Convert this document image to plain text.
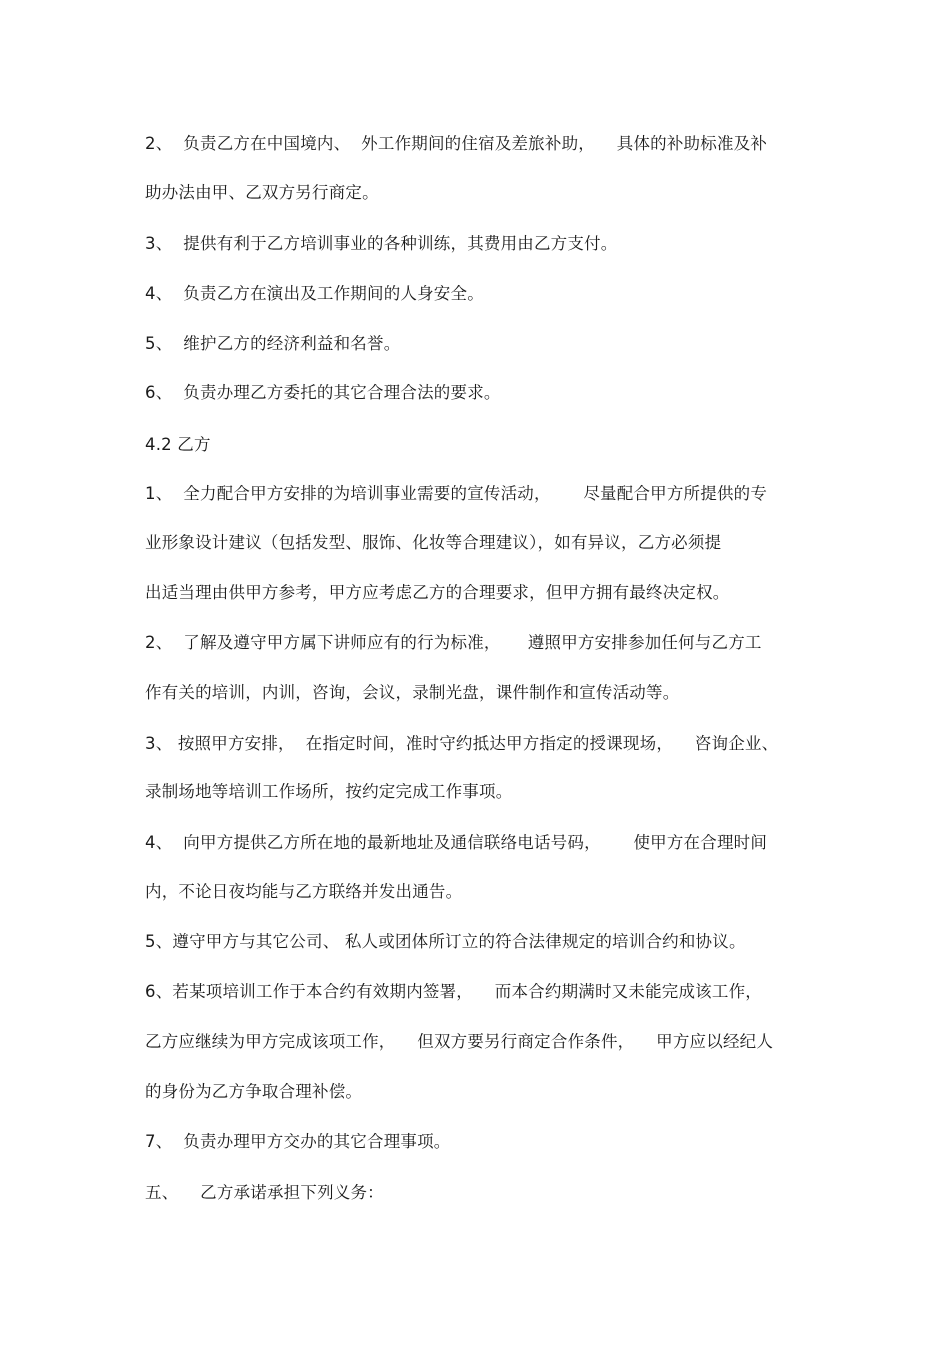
2、  负责乙方在中国境内、  外工作期间的住宿及差旅补助，    具体的补助标准及补
助办法由甲、乙双方另行商定。
3、  提供有利于乙方培训事业的各种训练，其费用由乙方支付。
4、  负责乙方在演出及工作期间的人身安全。
5、  维护乙方的经济利益和名誉。
6、  负责办理乙方委托的其它合理合法的要求。
4.2 乙方
1、  全力配合甲方安排的为培训事业需要的宣传活动，      尽量配合甲方所提供的专
业形象设计建议（包括发型、服饰、化妆等合理建议），如有异议，乙方必须提
出适当理由供甲方参考，甲方应考虑乙方的合理要求，但甲方拥有最终决定权。
2、  了解及遵守甲方属下讲师应有的行为标准，     遵照甲方安排参加任何与乙方工
作有关的培训，内训，咨询，会议，录制光盘，课件制作和宣传活动等。
3、 按照甲方安排，  在指定时间，准时守约抵达甲方指定的授课现场，    咨询企业、
录制场地等培训工作场所，按约定完成工作事项。
4、  向甲方提供乙方所在地的最新地址及通信联络电话号码，      使甲方在合理时间
内，不论日夜均能与乙方联络并发出通告。
5、遵守甲方与其它公司、 私人或团体所订立的符合法律规定的培训合约和协议。
6、若某项培训工作于本合约有效期内签署，    而本合约期满时又未能完成该工作，
乙方应继续为甲方完成该项工作，    但双方要另行商定合作条件，    甲方应以经纪人
的身份为乙方争取合理补偿。
7、  负责办理甲方交办的其它合理事项。
五、    乙方承诺承担下列义务：
